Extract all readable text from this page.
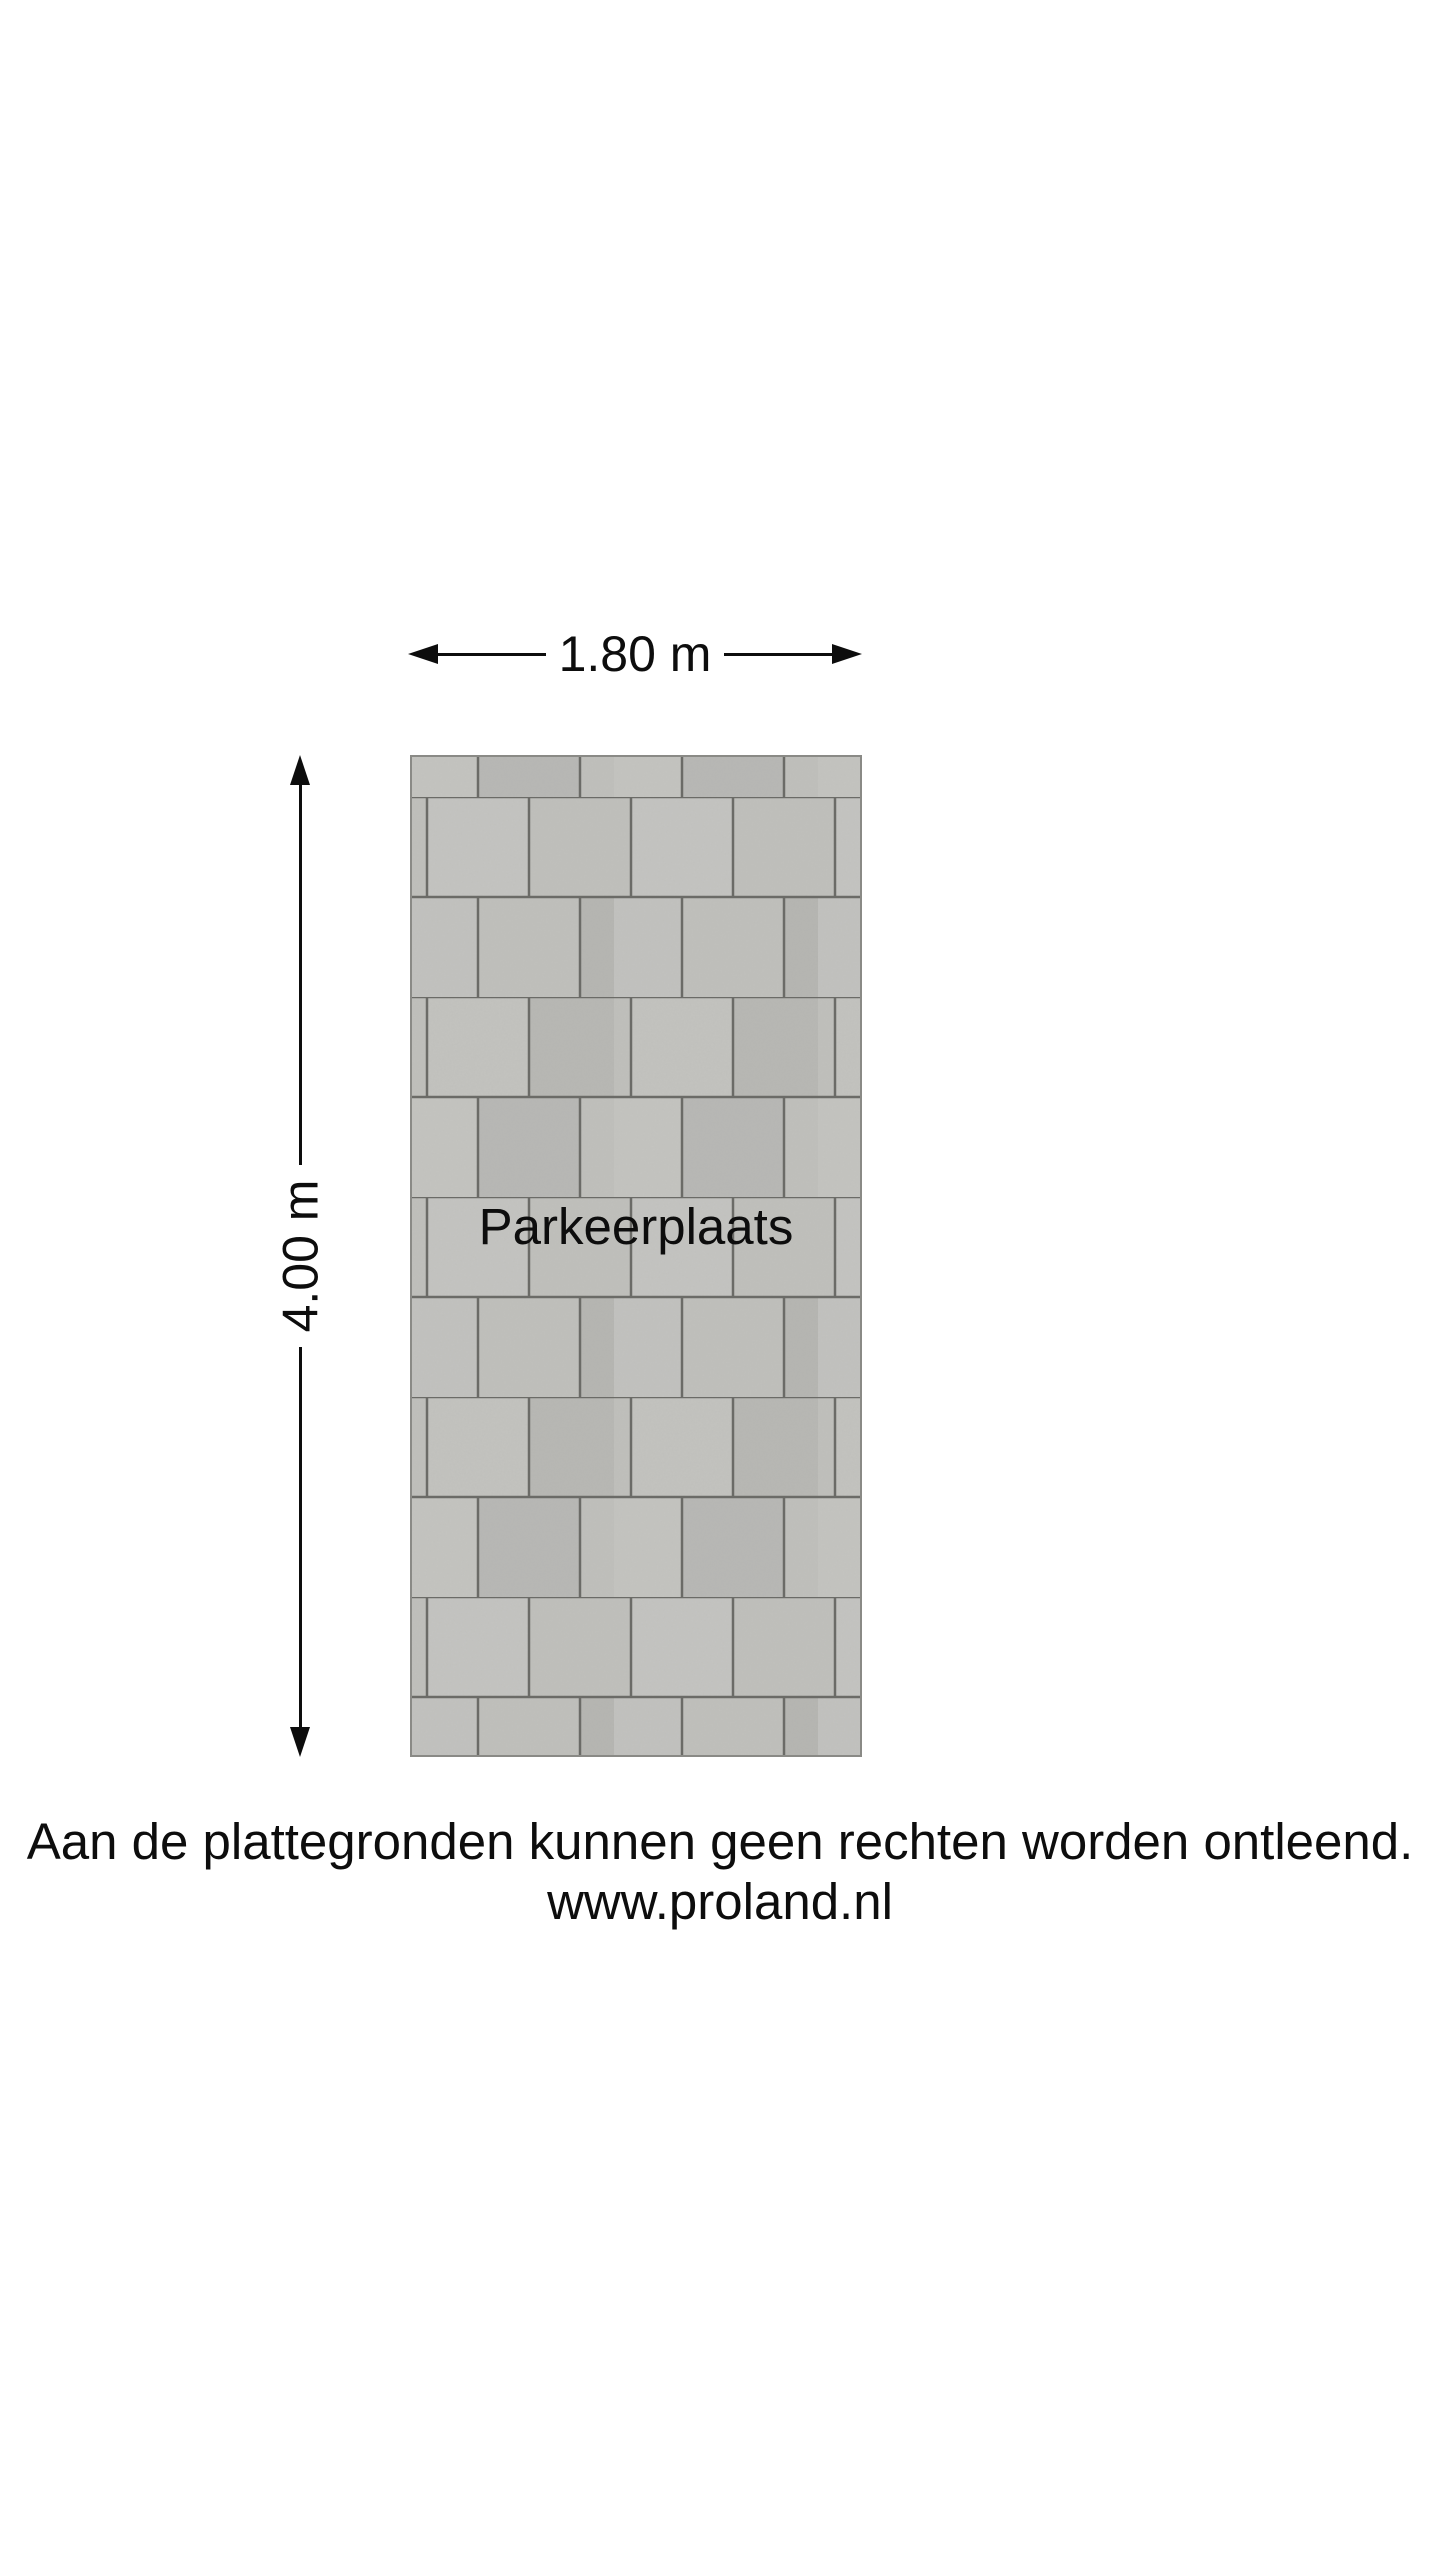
1.80 m
4.00 m	Parkeerplaats
Aan de plattegronden kunnen geen rechten worden ontleend.
www.proland.nl
